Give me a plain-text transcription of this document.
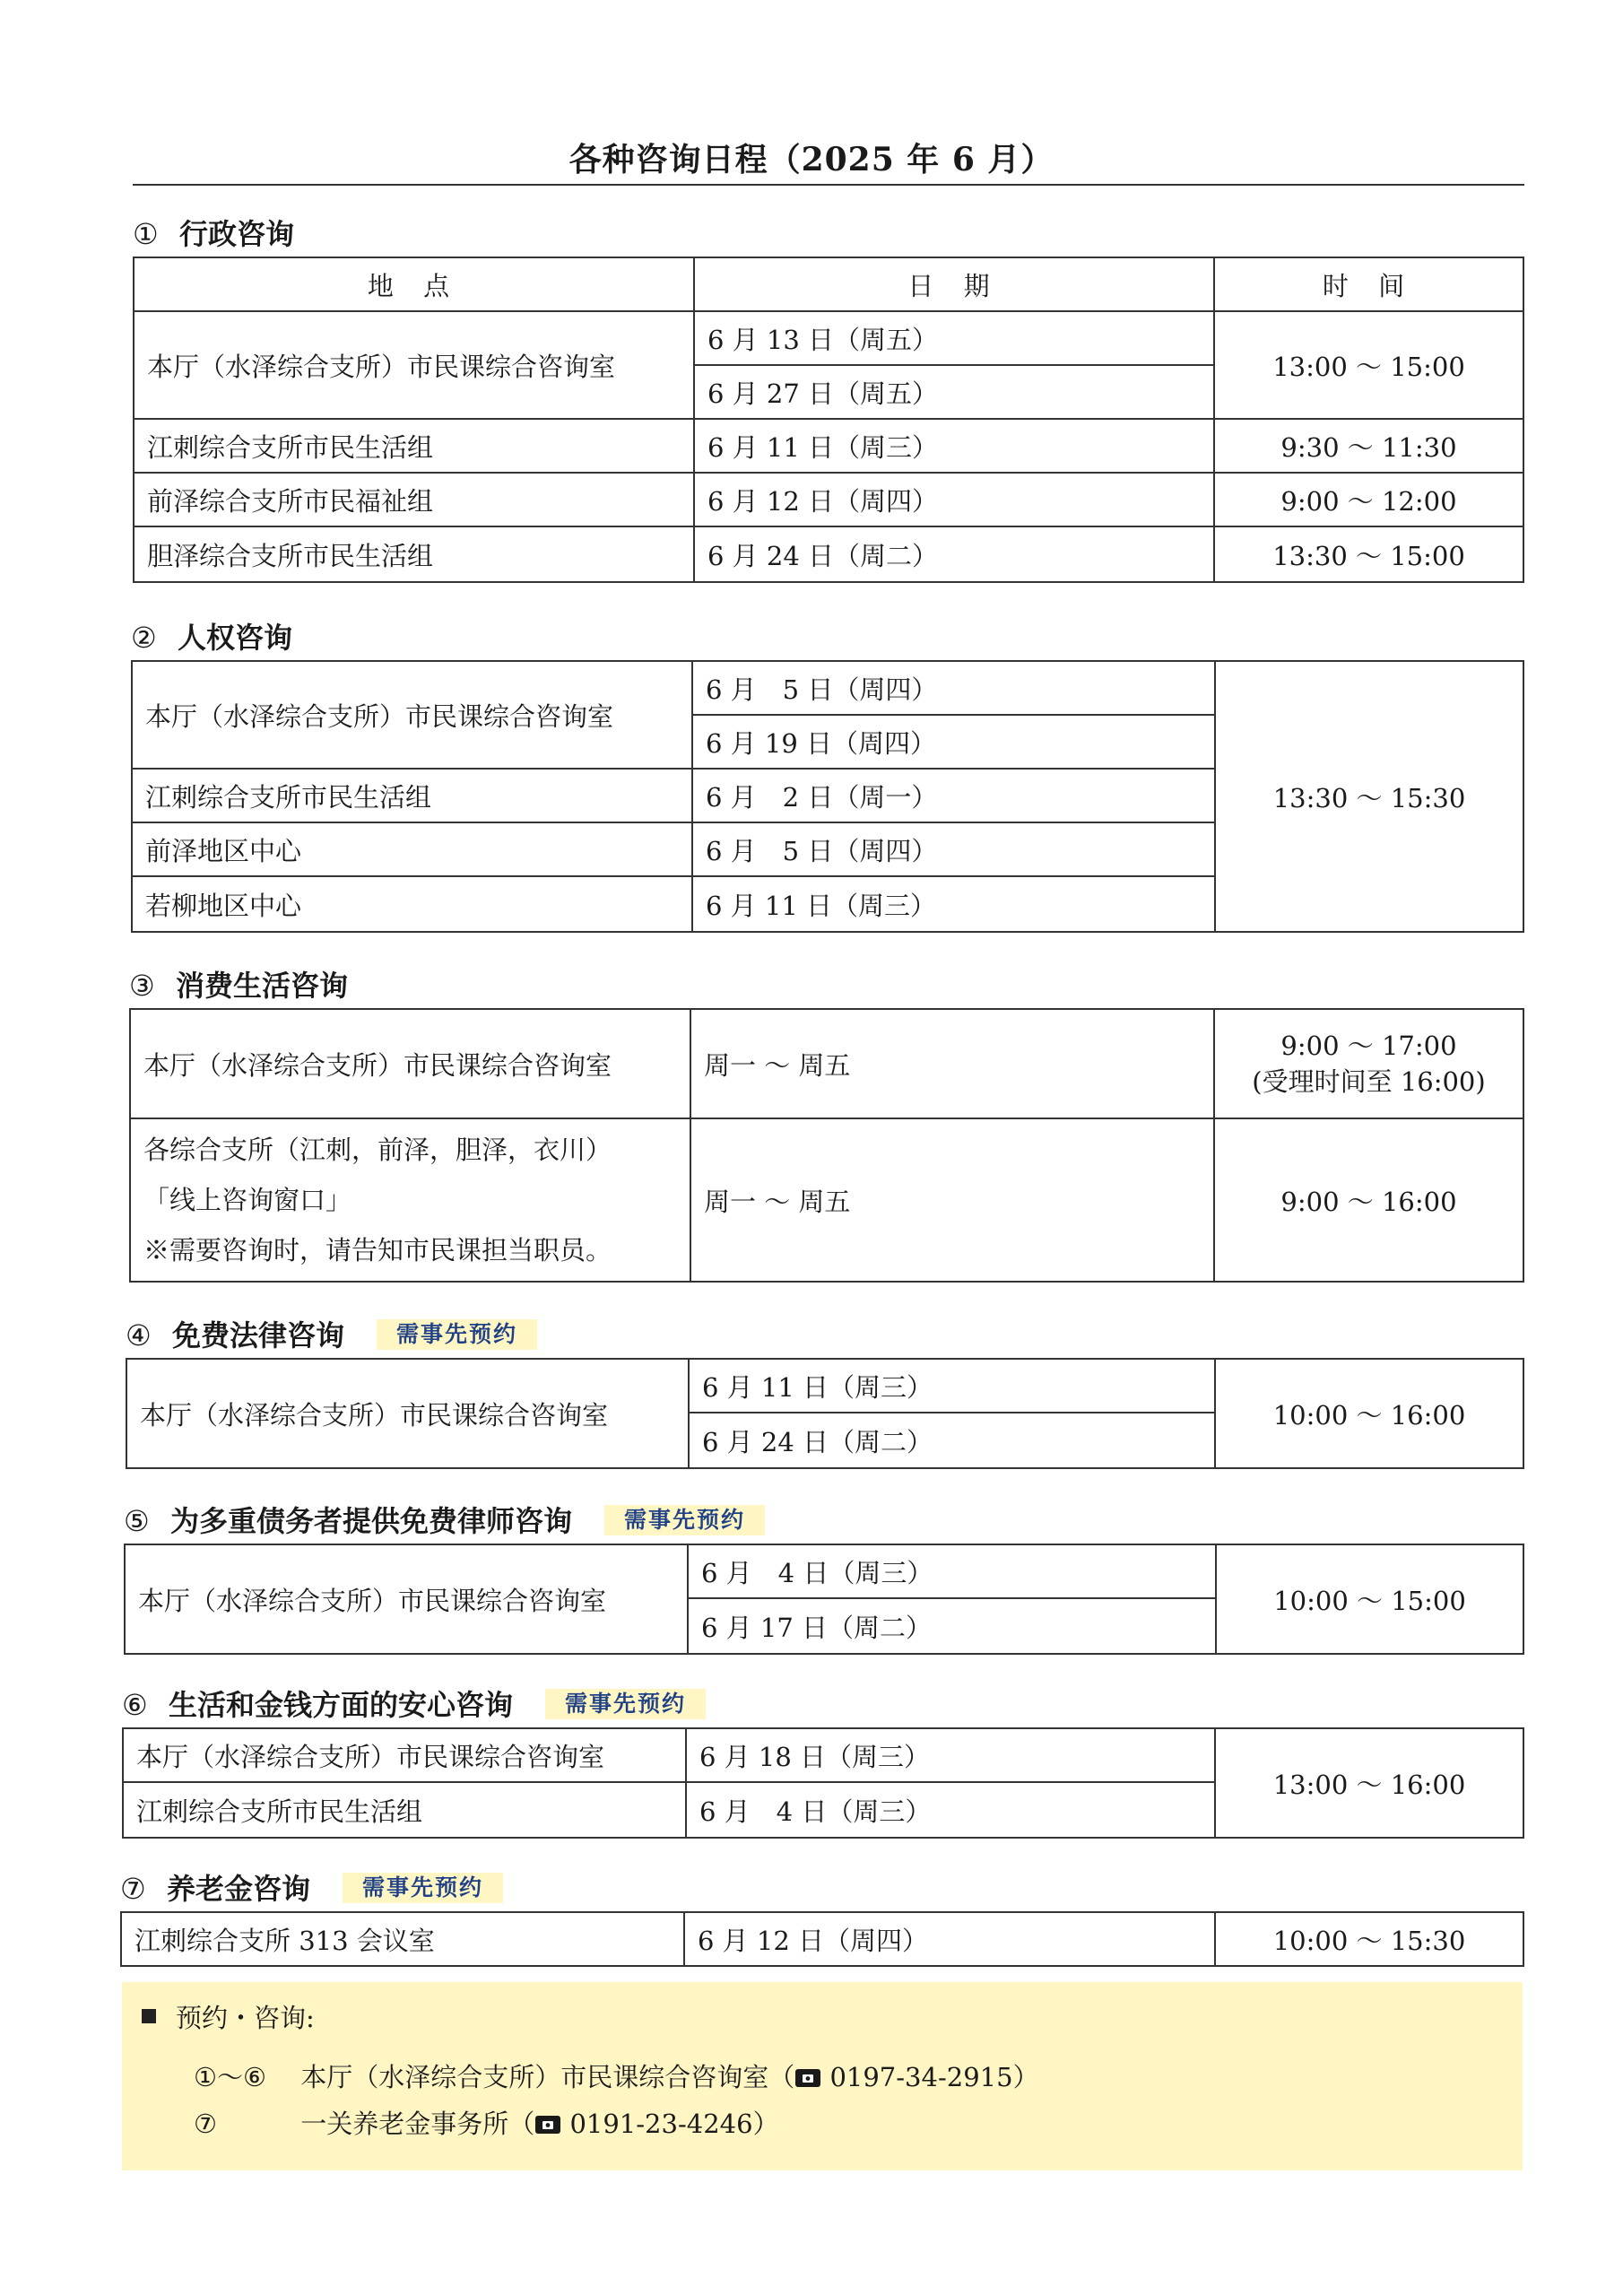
各种咨询日程（2025 年 6 月）
① 行政咨询
地 点	日 期	时 间
本厅（水泽综合支所）市民课综合咨询室	6 月 13 日（周五）	13:00 ～ 15:00
	6 月 27 日（周五）	
江刺综合支所市民生活组	6 月 11 日（周三）	9:30 ～ 11:30
前泽综合支所市民福祉组	6 月 12 日（周四）	9:00 ～ 12:00
胆泽综合支所市民生活组	6 月 24 日（周二）	13:30 ～ 15:00
② 人权咨询
本厅（水泽综合支所）市民课综合咨询室	6 月　5 日（周四）	13:30 ～ 15:30
	6 月 19 日（周四）	
江刺综合支所市民生活组	6 月　2 日（周一）	
前泽地区中心	6 月　5 日（周四）	
若柳地区中心	6 月 11 日（周三）	
③ 消费生活咨询
本厅（水泽综合支所）市民课综合咨询室	周一 ～ 周五	9:00 ～ 17:00
(受理时间至 16:00)

各综合支所（江刺，前泽，胆泽，衣川）
「线上咨询窗口」
※需要咨询时，请告知市民课担当职员。	周一 ～ 周五	9:00 ～ 16:00
④ 免费法律咨询 需事先预约
本厅（水泽综合支所）市民课综合咨询室	6 月 11 日（周三）	10:00 ～ 16:00
6 月 24 日（周二）
⑤ 为多重债务者提供免费律师咨询 需事先预约
本厅（水泽综合支所）市民课综合咨询室	6 月　4 日（周三）	10:00 ～ 15:00
6 月 17 日（周二）
⑥ 生活和金钱方面的安心咨询 需事先预约
本厅（水泽综合支所）市民课综合咨询室	6 月 18 日（周三）	13:00 ～ 16:00
江刺综合支所市民生活组	6 月　4 日（周三）	
⑦ 养老金咨询 需事先预约
江刺综合支所 313 会议室	6 月 12 日（周四）	10:00 ～ 15:30
预约・咨询:
①～⑥ 本厅（水泽综合支所）市民课综合咨询室（ 0197-34-2915）
⑦	一关养老金事务所（ 0191-23-4246）
